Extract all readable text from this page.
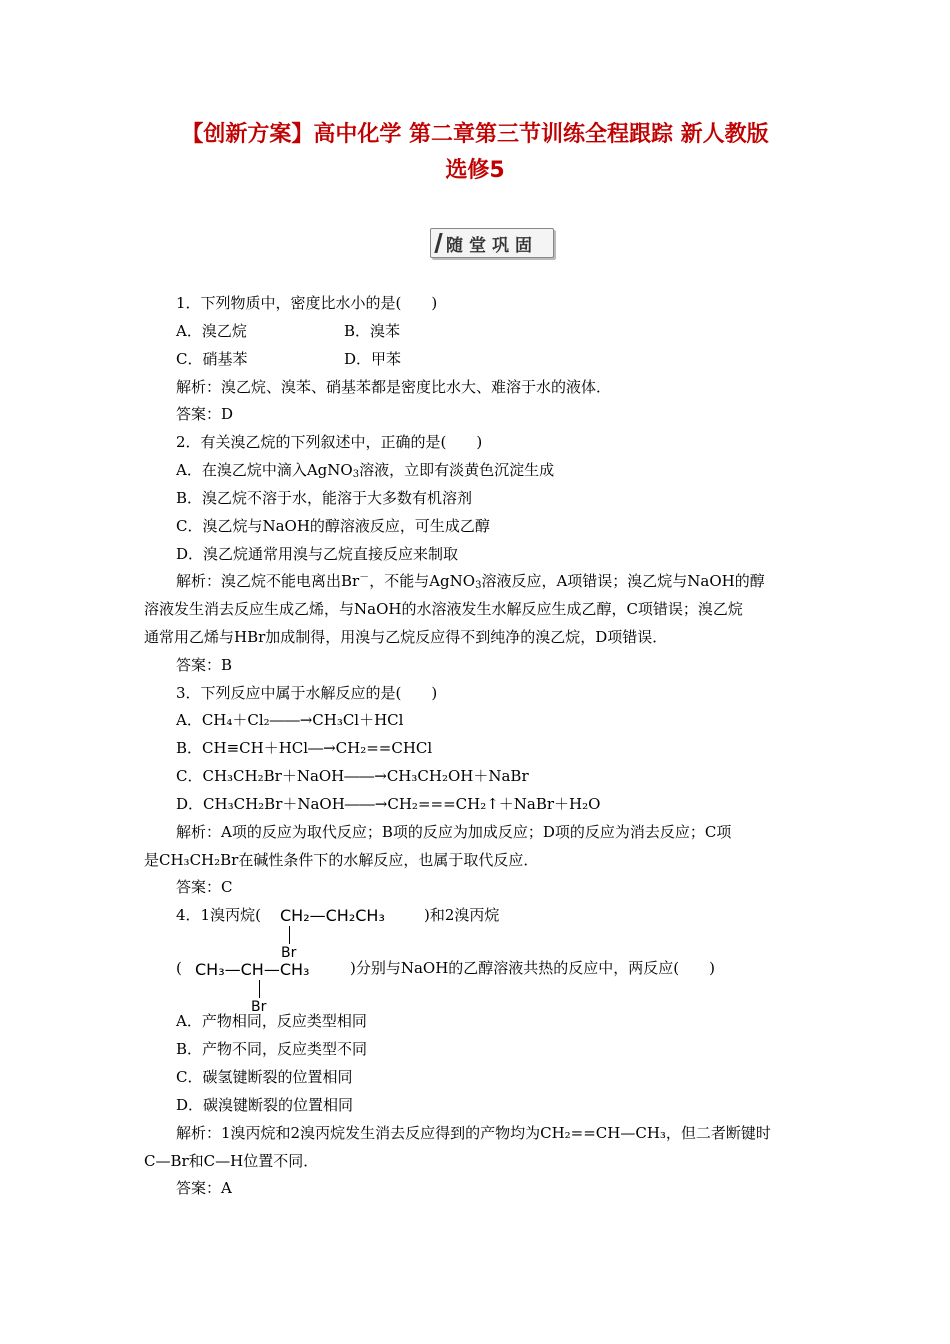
【创新方案】高中化学 第二章第三节训练全程跟踪 新人教版
选修5
随堂巩固
1．下列物质中，密度比水小的是(　　)
A．溴乙烷	B．溴苯
C．硝基苯	D．甲苯
解析：溴乙烷、溴苯、硝基苯都是密度比水大、难溶于水的液体．
答案：D
2．有关溴乙烷的下列叙述中，正确的是(　　)
A．在溴乙烷中滴入AgNO$_3$溶液，立即有淡黄色沉淀生成
B．溴乙烷不溶于水，能溶于大多数有机溶剂
C．溴乙烷与NaOH的醇溶液反应，可生成乙醇
D．溴乙烷通常用溴与乙烷直接反应来制取
解析：溴乙烷不能电离出Br－，不能与AgNO$_3$溶液反应，A项错误；溴乙烷与NaOH的醇
溶液发生消去反应生成乙烯，与NaOH的水溶液发生水解反应生成乙醇，C项错误；溴乙烷
通常用乙烯与HBr加成制得，用溴与乙烷反应得不到纯净的溴乙烷，D项错误．
答案：B
3．下列反应中属于水解反应的是(　　)
A．CH₄＋Cl₂――→CH₃Cl＋HCl
B．CH≡CH＋HCl―→CH₂==CHCl
C．CH₃CH₂Br＋NaOH――→CH₃CH₂OH＋NaBr
D．CH₃CH₂Br＋NaOH――→CH₂===CH₂↑＋NaBr＋H₂O
解析：A项的反应为取代反应；B项的反应为加成反应；D项的反应为消去反应；C项
是CH₃CH₂Br在碱性条件下的水解反应，也属于取代反应．
答案：C
4．1溴丙烷( CH₂—CH₂CH₃
Br
)和2溴丙烷
( CH₃—CH—CH₃
Br
)分别与NaOH的乙醇溶液共热的反应中，两反应(　　)
A．产物相同，反应类型相同
B．产物不同，反应类型不同
C．碳氢键断裂的位置相同
D．碳溴键断裂的位置相同
解析：1溴丙烷和2溴丙烷发生消去反应得到的产物均为CH₂==CH—CH₃，但二者断键时
C—Br和C—H位置不同．
答案：A
